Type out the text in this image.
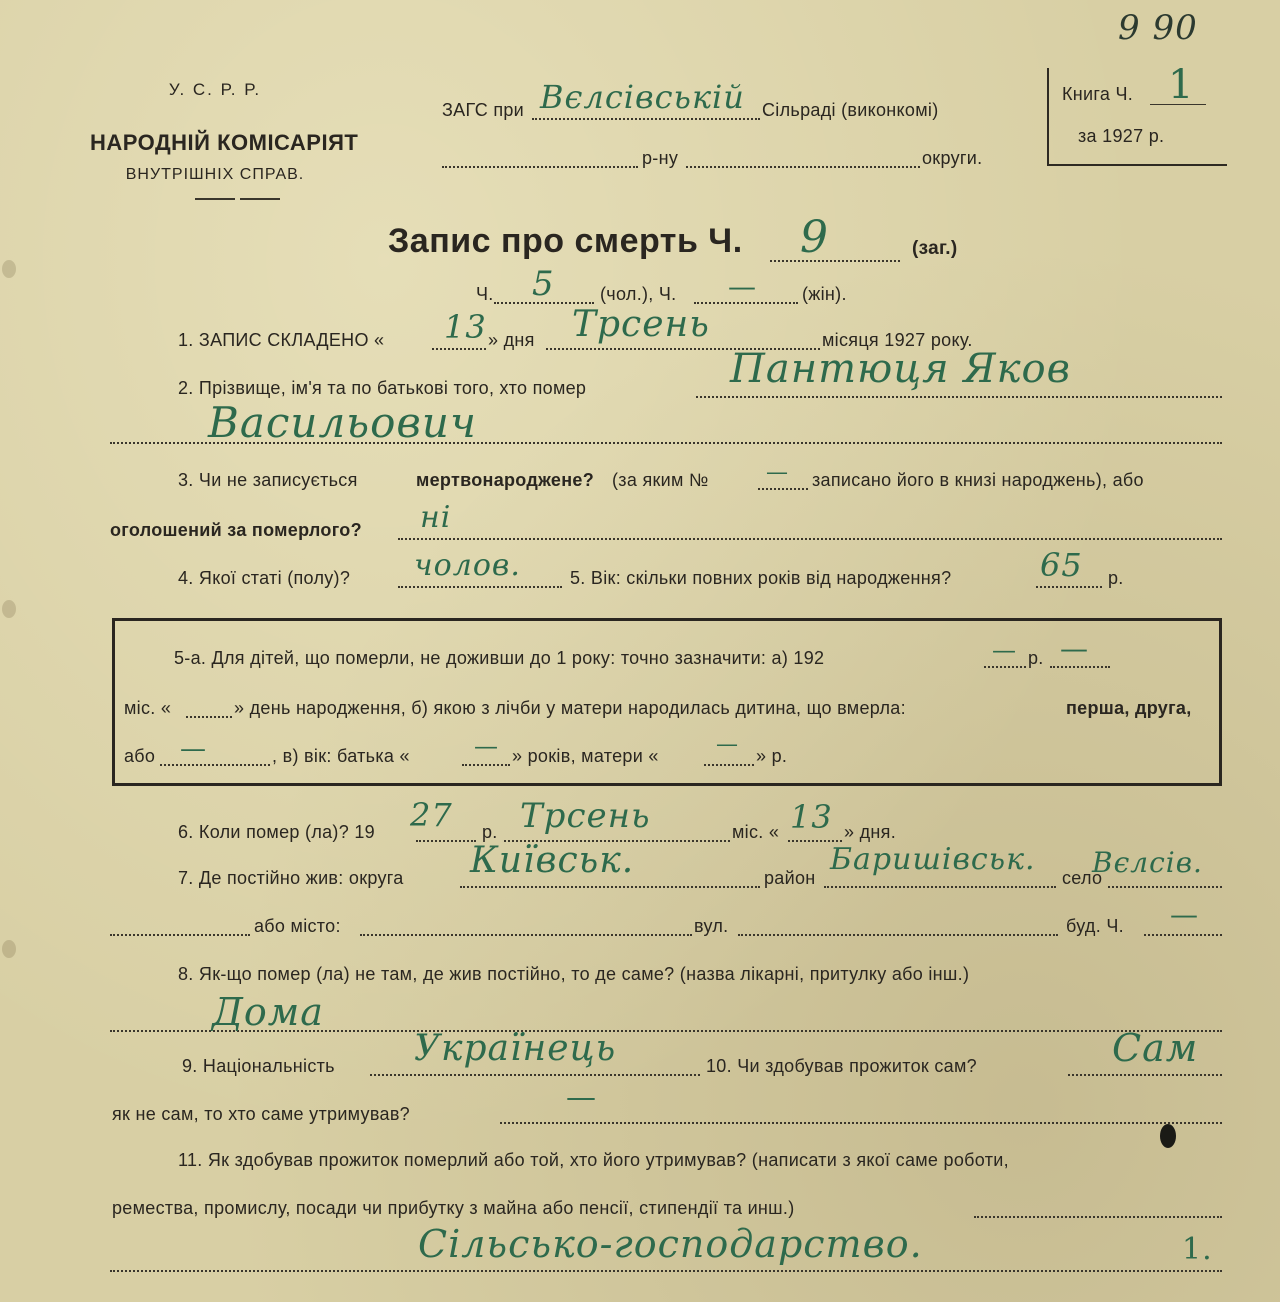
9 90
У. С. Р. Р.
НАРОДНІЙ КОМІСАРІЯТ
ВНУТРІШНІХ СПРАВ.
ЗАГС при Вєлсівській Сільраді (виконкомі)
р-ну	округи.
Книга Ч. 1
за 1927 р.
Запис про смерть Ч. 9	(заг.)
Ч. 5	(чол.), Ч. —	(жін).
1. ЗАПИС СКЛАДЕНО « 13 » дня Трсень	місяця 1927 року.
2. Прізвище, ім'я та по батькові того, хто помер	Пантюця Яков
Васильович
3. Чи не записується	мертвонароджене? (за яким №	— записано його в книзі народжень), або
оголошений за померлого? ні
4. Якої статі (полу)? чолов.	5. Вік: скільки повних років від народження?	65 р.
5-а. Для дітей, що померли, не доживши до 1 року: точно зазначити: а) 192	— р. —
міс. «	» день народження, б) якою з лічби у матери народилась дитина, що вмерла:	перша, друга,
або —	, в) вік: батька «	— » років, матери «	— » р.
6. Коли помер (ла)? 19 27 р. Трсень	міс. « 13 » дня.
7. Де постійно жив: округа Київськ.	район
Баришівськ.
село
Вєлсів.
або місто:	вул.	буд. Ч. —
8. Як-що помер (ла) не там, де жив постійно, то де саме? (назва лікарні, притулку або інш.)
Дома
9. Національність Українець	10. Чи здобував прожиток сам?	Сам
як не сам, то хто саме утримував?	—
11. Як здобував прожиток померлий або той, хто його утримував? (написати з якої саме роботи,
ремества, промислу, посади чи прибутку з майна або пенсії, стипендії та инш.)
Сільсько-господарство.	1.
